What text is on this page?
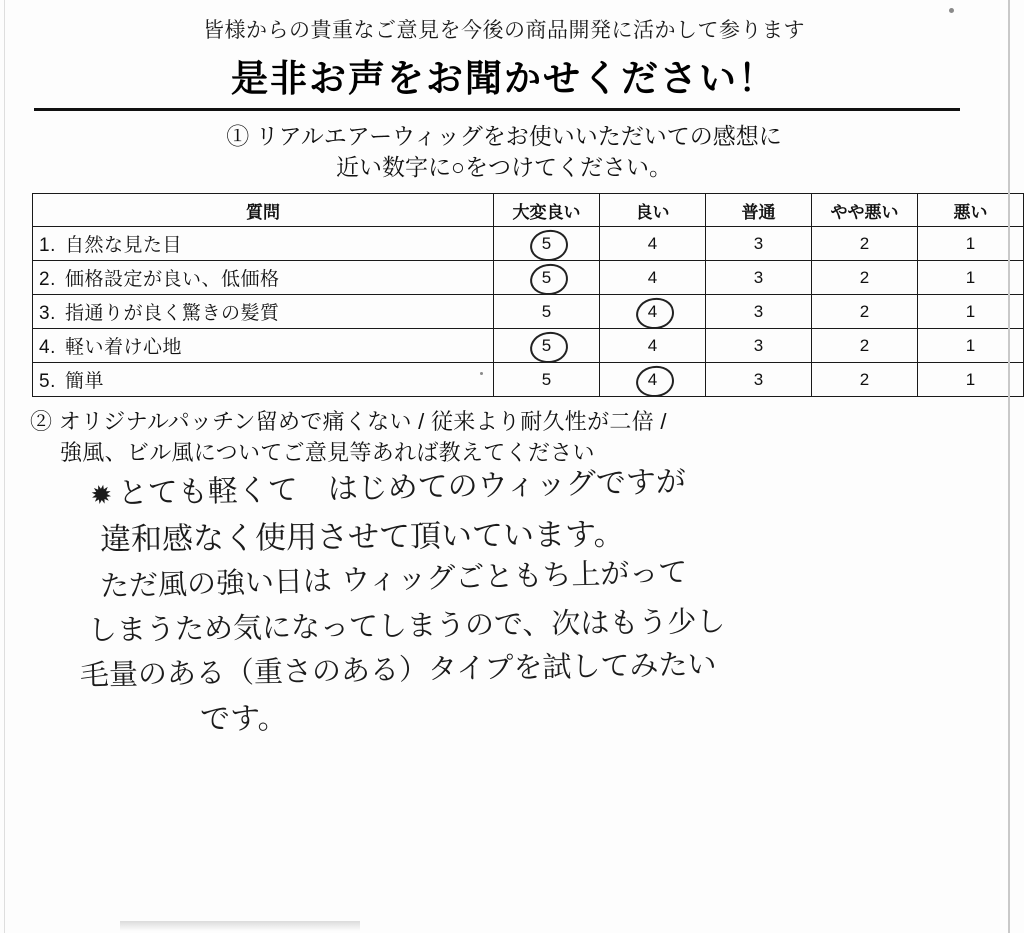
皆様からの貴重なご意見を今後の商品開発に活かして参ります
是非お声をお聞かせください！
① リアルエアーウィッグをお使いいただいての感想に
近い数字に○をつけてください。
質問	大変良い	良い	普通	やや悪い	悪い
1. 自然な見た目	5	4	3	2	1
2. 価格設定が良い、低価格	5	4	3	2	1
3. 指通りが良く驚きの髪質	5	4	3	2	1
4. 軽い着け心地	5	4	3	2	1
5. 簡単	5	4	3	2	1
② オリジナルパッチン留めで痛くない / 従来より耐久性が二倍 /
強風、ビル風についてご意見等あれば教えてください
✹とても軽くて　はじめてのウィッグですが
違和感なく使用させて頂いています。
ただ風の強い日は ウィッグごともち上がって
しまうため気になってしまうので、次はもう少し
毛量のある（重さのある）タイプを試してみたい
です。
